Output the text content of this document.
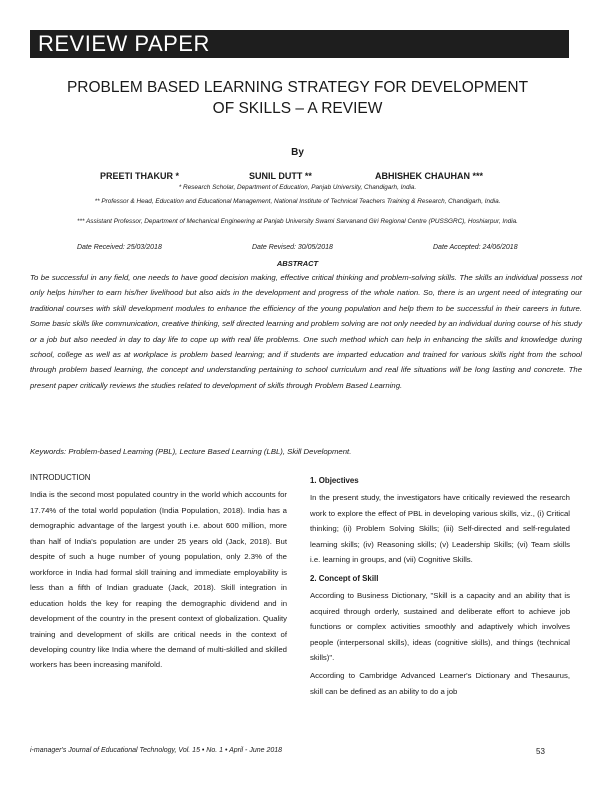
REVIEW PAPER
PROBLEM BASED LEARNING STRATEGY FOR DEVELOPMENT
OF SKILLS – A REVIEW
By
PREETI THAKUR *	SUNIL DUTT **	ABHISHEK CHAUHAN ***
* Research Scholar, Department of Education, Panjab University, Chandigarh, India.
** Professor & Head, Education and Educational Management, National Institute of Technical Teachers Training & Research, Chandigarh, India.
*** Assistant Professor, Department of Mechanical Engineering at Panjab University Swami Sarvanand Giri Regional Centre (PUSSGRC), Hoshiarpur, India.
Date Received: 25/03/2018	Date Revised: 30/05/2018	Date Accepted: 24/06/2018
ABSTRACT

To be successful in any field, one needs to have good decision making, effective critical thinking and problem-solving skills. The skills an individual possess not only helps him/her to earn his/her livelihood but also aids in the development and progress of the whole nation. So, there is an urgent need of integrating our traditional courses with skill development modules to enhance the efficiency of the young population and help them to be successful in their careers in future. Some basic skills like communication, creative thinking, self directed learning and problem solving are not only needed by an individual during course of his study or a job but also needed in day to day life to cope up with real life problems. One such method which can help in enhancing the skills and knowledge during school, college as well as at workplace is problem based learning; and if students are imparted education and trained for various skills right from the school through problem based learning, the concept and understanding pertaining to school curriculum and real life situations will be long lasting and concrete. The present paper critically reviews the studies related to development of skills through Problem Based Learning.

Keywords: Problem-based Learning (PBL), Lecture Based Learning (LBL), Skill Development.
INTRODUCTION

India is the second most populated country in the world which accounts for 17.74% of the total world population (India Population, 2018). India has a demographic advantage of the largest youth i.e. about 600 million, more than half of India's population are under 25 years old (Jack, 2018). But despite of such a huge number of young population, only 2.3% of the workforce in India had formal skill training and immediate employability is less than a fifth of Indian graduate (Jack, 2018). Skill integration in education holds the key for reaping the demographic dividend and in development of the country in the present context of globalization. Quality training and development of skills are critical needs in the context of developing country like India where the demand of multi-skilled and skilled workers has been increasing manifold.

1. Objectives

In the present study, the investigators have critically reviewed the research work to explore the effect of PBL in developing various skills, viz., (i) Critical thinking; (ii) Problem Solving Skills; (iii) Self-directed and self-regulated learning skills; (iv) Reasoning skills; (v) Leadership Skills; (vi) Team skills i.e. learning in groups, and (vii) Cognitive Skills.

2. Concept of Skill

According to Business Dictionary, "Skill is a capacity and an ability that is acquired through orderly, sustained and deliberate effort to achieve job functions or complex activities smoothly and adaptively which involves people (interpersonal skills), ideas (cognitive skills), and things (technical skills)".

According to Cambridge Advanced Learner's Dictionary and Thesaurus, skill can be defined as an ability to do a job

i-manager's Journal of Educational Technology, Vol. 15 • No. 1 • April - June 2018	53
